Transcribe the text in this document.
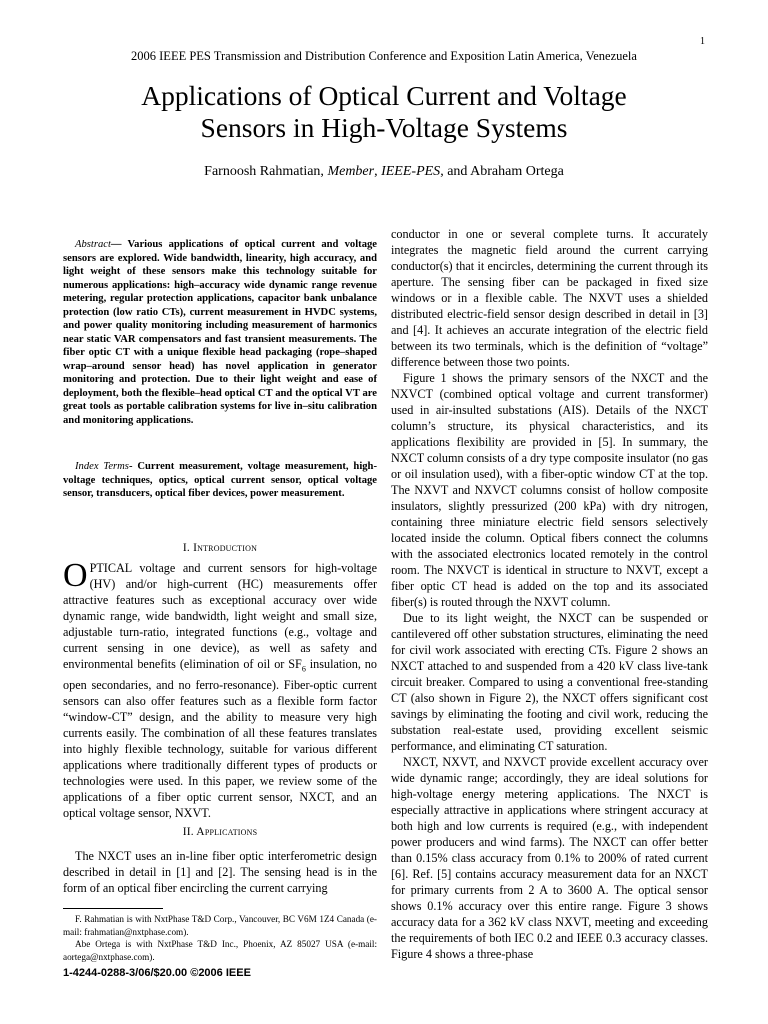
1
2006 IEEE PES Transmission and Distribution Conference and Exposition Latin America, Venezuela
Applications of Optical Current and Voltage
Sensors in High-Voltage Systems
Farnoosh Rahmatian, Member, IEEE-PES, and Abraham Ortega

Abstract— Various applications of optical current and voltage sensors are explored. Wide bandwidth, linearity, high accuracy, and light weight of these sensors make this technology suitable for numerous applications: high–accuracy wide dynamic range revenue metering, regular protection applications, capacitor bank unbalance protection (low ratio CTs), current measurement in HVDC systems, and power quality monitoring including measurement of harmonics near static VAR compensators and fast transient measurements. The fiber optic CT with a unique flexible head packaging (rope–shaped wrap–around sensor head) has novel application in generator monitoring and protection. Due to their light weight and ease of deployment, both the flexible–head optical CT and the optical VT are great tools as portable calibration systems for live in–situ calibration and monitoring applications.

Index Terms- Current measurement, voltage measurement, high-voltage techniques, optics, optical current sensor, optical voltage sensor, transducers, optical fiber devices, power measurement.

I. Introduction

OPTICAL voltage and current sensors for high-voltage (HV) and/or high-current (HC) measurements offer attractive features such as exceptional accuracy over wide dynamic range, wide bandwidth, light weight and small size, adjustable turn-ratio, integrated functions (e.g., voltage and current sensing in one device), as well as safety and environmental benefits (elimination of oil or $SF_6$ insulation, no open secondaries, and no ferro-resonance). Fiber-optic current sensors can also offer features such as a flexible form factor “window-CT” design, and the ability to measure very high currents easily. The combination of all these features translates into highly flexible technology, suitable for various different applications where traditionally different types of products or technologies were used. In this paper, we review some of the applications of a fiber optic current sensor, NXCT, and an optical voltage sensor, NXVT.

II. Applications

The NXCT uses an in-line fiber optic interferometric design described in detail in [1] and [2]. The sensing head is in the form of an optical fiber encircling the current carrying

F. Rahmatian is with NxtPhase T&D Corp., Vancouver, BC V6M 1Z4 Canada (e-mail: frahmatian@nxtphase.com).

Abe Ortega is with NxtPhase T&D Inc., Phoenix, AZ 85027 USA (e-mail: aortega@nxtphase.com).

1-4244-0288-3/06/$20.00 ©2006 IEEE

conductor in one or several complete turns. It accurately integrates the magnetic field around the current carrying conductor(s) that it encircles, determining the current through its aperture. The sensing fiber can be packaged in fixed size windows or in a flexible cable. The NXVT uses a shielded distributed electric-field sensor design described in detail in [3] and [4]. It achieves an accurate integration of the electric field between its two terminals, which is the definition of “voltage” difference between those two points.

Figure 1 shows the primary sensors of the NXCT and the NXVCT (combined optical voltage and current transformer) used in air-insulted substations (AIS). Details of the NXCT column’s structure, its physical characteristics, and its applications flexibility are provided in [5]. In summary, the NXCT column consists of a dry type composite insulator (no gas or oil insulation used), with a fiber-optic window CT at the top. The NXVT and NXVCT columns consist of hollow composite insulators, slightly pressurized (200 kPa) with dry nitrogen, containing three miniature electric field sensors selectively located inside the column. Optical fibers connect the columns with the associated electronics located remotely in the control room. The NXVCT is identical in structure to NXVT, except a fiber optic CT head is added on the top and its associated fiber(s) is routed through the NXVT column.

Due to its light weight, the NXCT can be suspended or cantilevered off other substation structures, eliminating the need for civil work associated with erecting CTs. Figure 2 shows an NXCT attached to and suspended from a 420 kV class live-tank circuit breaker. Compared to using a conventional free-standing CT (also shown in Figure 2), the NXCT offers significant cost savings by eliminating the footing and civil work, reducing the substation real-estate used, providing excellent seismic performance, and eliminating CT saturation.

NXCT, NXVT, and NXVCT provide excellent accuracy over wide dynamic range; accordingly, they are ideal solutions for high-voltage energy metering applications. The NXCT is especially attractive in applications where stringent accuracy at both high and low currents is required (e.g., with independent power producers and wind farms). The NXCT can offer better than 0.15% class accuracy from 0.1% to 200% of rated current [6]. Ref. [5] contains accuracy measurement data for an NXCT for primary currents from 2 A to 3600 A. The optical sensor shows 0.1% accuracy over this entire range. Figure 3 shows accuracy data for a 362 kV class NXVT, meeting and exceeding the requirements of both IEC 0.2 and IEEE 0.3 accuracy classes. Figure 4 shows a three-phase
